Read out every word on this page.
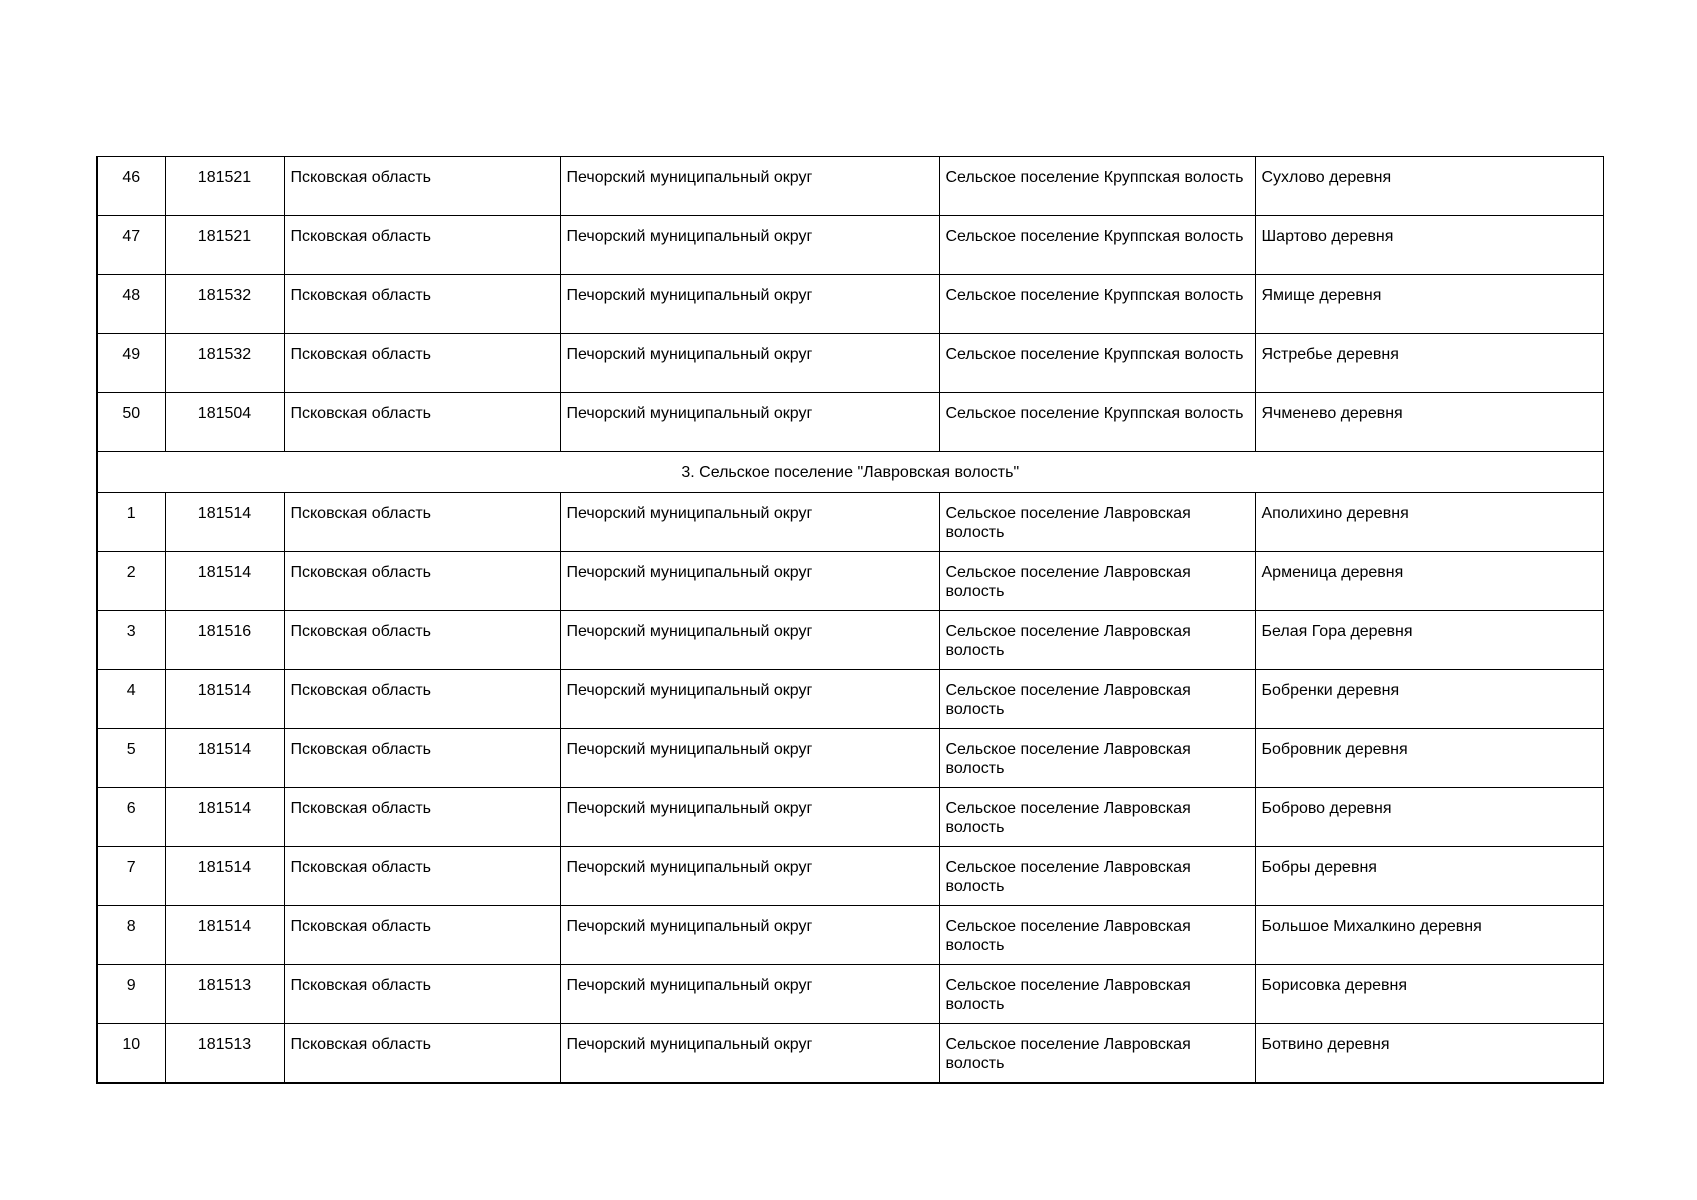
46	181521	Псковская область	Печорский муниципальный округ	Сельское поселение Круппская волость	Сухлово деревня
47	181521	Псковская область	Печорский муниципальный округ	Сельское поселение Круппская волость	Шартово деревня
48	181532	Псковская область	Печорский муниципальный округ	Сельское поселение Круппская волость	Ямище деревня
49	181532	Псковская область	Печорский муниципальный округ	Сельское поселение Круппская волость	Ястребье деревня
50	181504	Псковская область	Печорский муниципальный округ	Сельское поселение Круппская волость	Ячменево деревня
3. Сельское поселение "Лавровская волость"					
1	181514	Псковская область	Печорский муниципальный округ	Сельское поселение Лавровская волость	Аполихино деревня
2	181514	Псковская область	Печорский муниципальный округ	Сельское поселение Лавровская волость	Арменица деревня
3	181516	Псковская область	Печорский муниципальный округ	Сельское поселение Лавровская волость	Белая Гора деревня
4	181514	Псковская область	Печорский муниципальный округ	Сельское поселение Лавровская волость	Бобренки деревня
5	181514	Псковская область	Печорский муниципальный округ	Сельское поселение Лавровская волость	Бобровник деревня
6	181514	Псковская область	Печорский муниципальный округ	Сельское поселение Лавровская волость	Боброво деревня
7	181514	Псковская область	Печорский муниципальный округ	Сельское поселение Лавровская волость	Бобры деревня
8	181514	Псковская область	Печорский муниципальный округ	Сельское поселение Лавровская волость	Большое Михалкино деревня
9	181513	Псковская область	Печорский муниципальный округ	Сельское поселение Лавровская волость	Борисовка деревня
10	181513	Псковская область	Печорский муниципальный округ	Сельское поселение Лавровская волость	Ботвино деревня
